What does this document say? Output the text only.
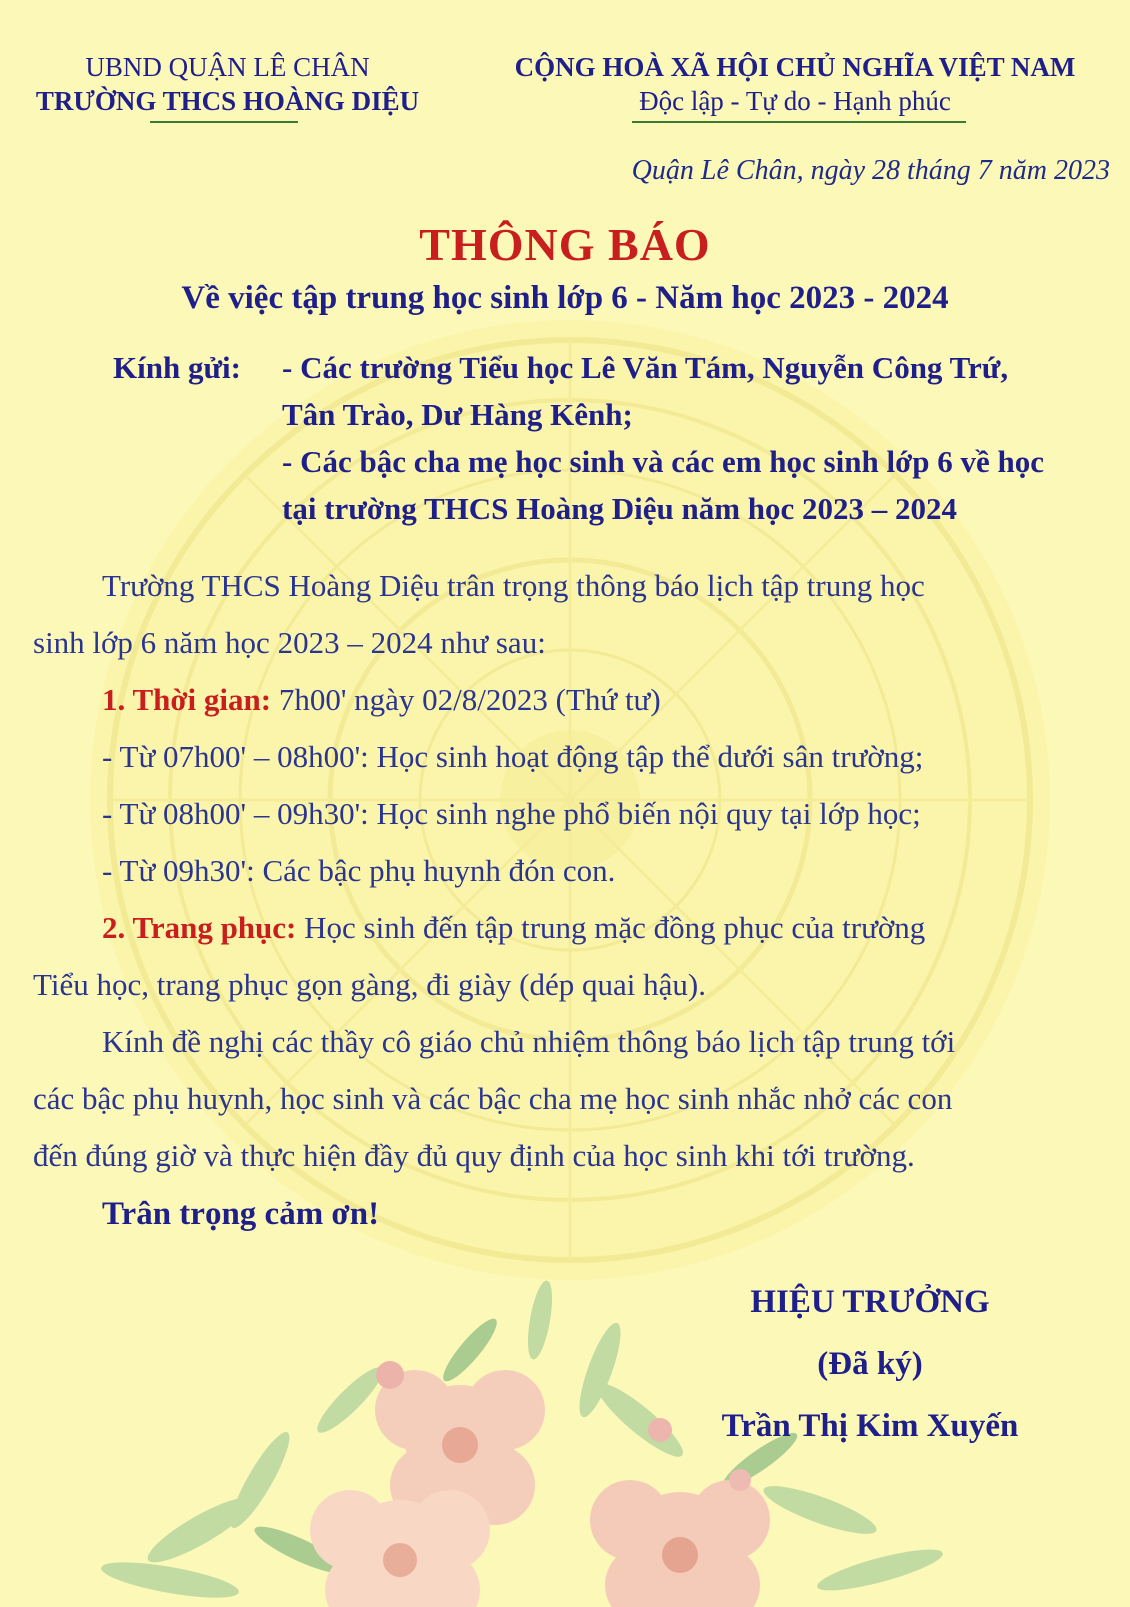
UBND QUẬN LÊ CHÂN
TRƯỜNG THCS HOÀNG DIỆU
CỘNG HOÀ XÃ HỘI CHỦ NGHĨA VIỆT NAM
Độc lập - Tự do - Hạnh phúc
Quận Lê Chân, ngày 28 tháng 7 năm 2023
THÔNG BÁO
Về việc tập trung học sinh lớp 6 - Năm học 2023 - 2024
Kính gửi: - Các trường Tiểu học Lê Văn Tám, Nguyễn Công Trứ,
Tân Trào, Dư Hàng Kênh;
- Các bậc cha mẹ học sinh và các em học sinh lớp 6 về học
tại trường THCS Hoàng Diệu năm học 2023 – 2024
Trường THCS Hoàng Diệu trân trọng thông báo lịch tập trung học
sinh lớp 6 năm học 2023 – 2024 như sau:
1. Thời gian: 7h00' ngày 02/8/2023 (Thứ tư)
- Từ 07h00' – 08h00': Học sinh hoạt động tập thể dưới sân trường;
- Từ 08h00' – 09h30': Học sinh nghe phổ biến nội quy tại lớp học;
- Từ 09h30': Các bậc phụ huynh đón con.
2. Trang phục: Học sinh đến tập trung mặc đồng phục của trường
Tiểu học, trang phục gọn gàng, đi giày (dép quai hậu).
Kính đề nghị các thầy cô giáo chủ nhiệm thông báo lịch tập trung tới
các bậc phụ huynh, học sinh và các bậc cha mẹ học sinh nhắc nhở các con
đến đúng giờ và thực hiện đầy đủ quy định của học sinh khi tới trường.
Trân trọng cảm ơn!
HIỆU TRƯỞNG
(Đã ký)
Trần Thị Kim Xuyến
